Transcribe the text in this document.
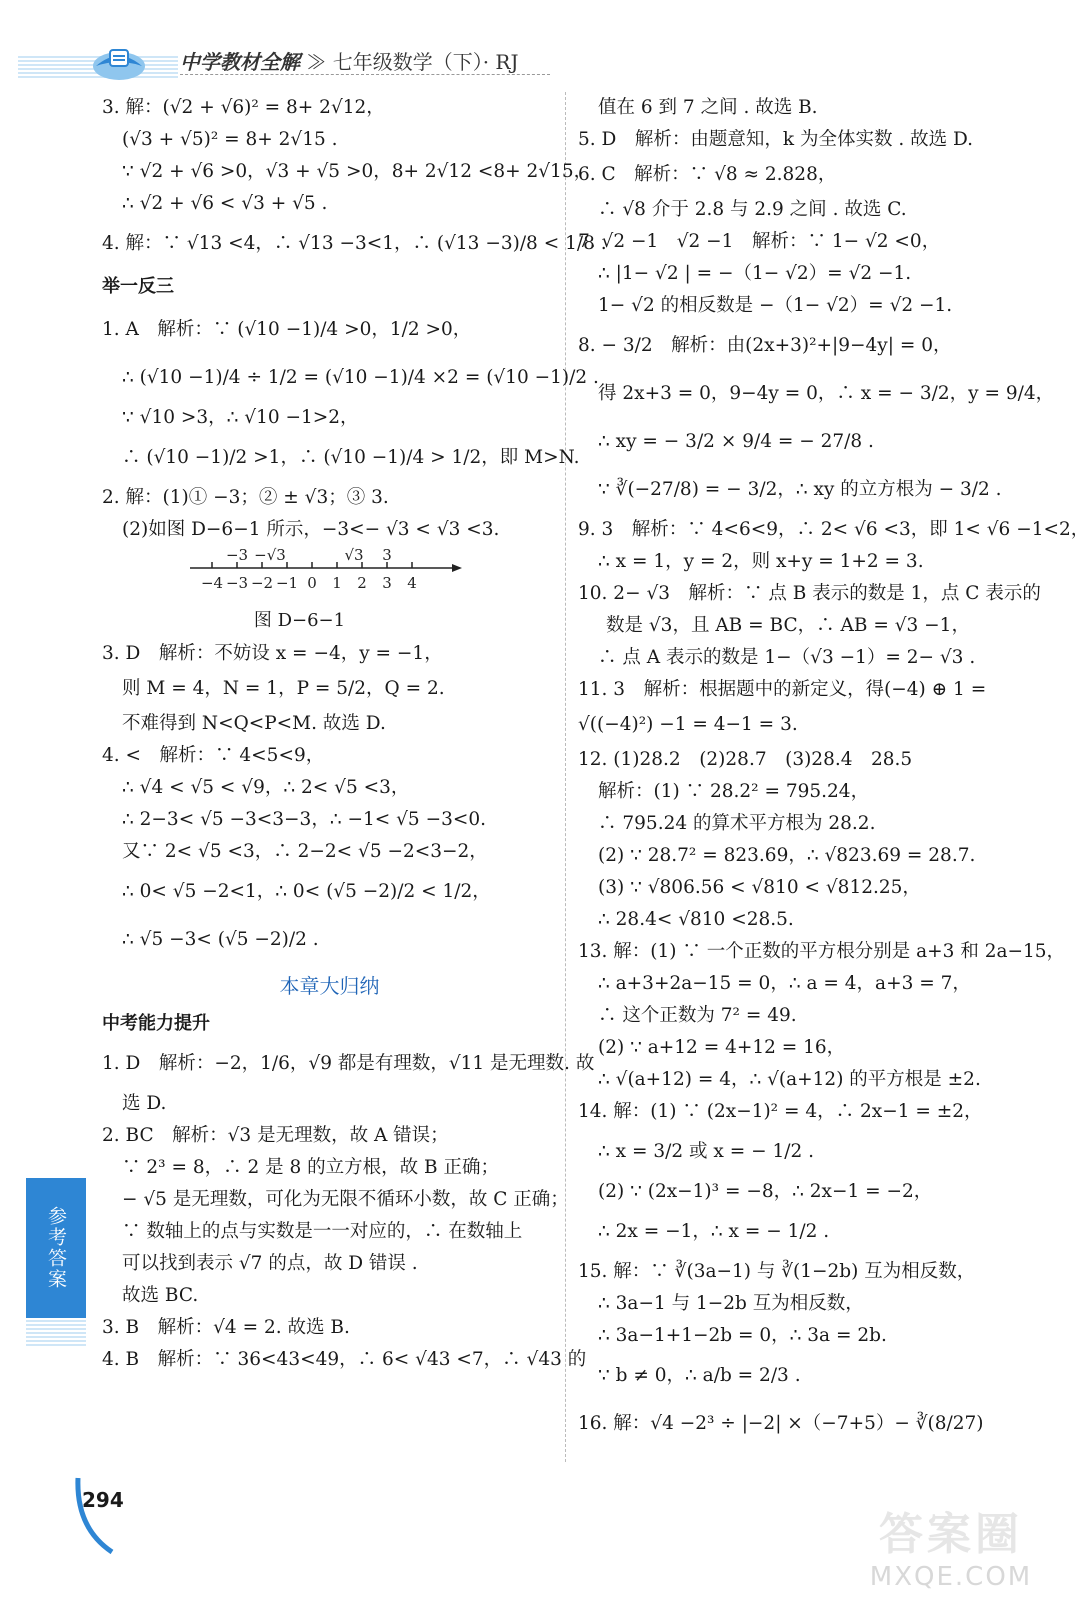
中学教材全解 ≫ 七年级数学（下）· RJ
3. 解：(√2 + √6)² = 8+ 2√12，
(√3 + √5)² = 8+ 2√15 .
∵ √2 + √6 >0，√3 + √5 >0，8+ 2√12 <8+ 2√15，
∴ √2 + √6 < √3 + √5 .
4. 解：∵ √13 <4，∴ √13 −3<1，∴ (√13 −3)/8 < 1/8 .
举一反三
1. A　解析：∵ (√10 −1)/4 >0，1/2 >0，
∴ (√10 −1)/4 ÷ 1/2 = (√10 −1)/4 ×2 = (√10 −1)/2 .
∵ √10 >3，∴ √10 −1>2，
∴ (√10 −1)/2 >1，∴ (√10 −1)/4 > 1/2，即 M>N.
2. 解：(1)① −3；② ± √3；③ 3.
(2)如图 D−6−1 所示，−3<− √3 < √3 <3.
−3 −√3	√3 3
−4 −3 −2 −1 0 1 2 3 4
图 D−6−1
3. D　解析：不妨设 x = −4，y = −1，
则 M = 4，N = 1，P = 5/2，Q = 2.
不难得到 N<Q<P<M. 故选 D.
4. <　解析：∵ 4<5<9，
∴ √4 < √5 < √9，∴ 2< √5 <3，
∴ 2−3< √5 −3<3−3，∴ −1< √5 −3<0.
又∵ 2< √5 <3，∴ 2−2< √5 −2<3−2，
∴ 0< √5 −2<1，∴ 0< (√5 −2)/2 < 1/2，
∴ √5 −3< (√5 −2)/2 .
本章大归纳
中考能力提升
1. D　解析：−2，1/6，√9 都是有理数，√11 是无理数. 故
选 D.
2. BC　解析：√3 是无理数，故 A 错误；
∵ 2³ = 8，∴ 2 是 8 的立方根，故 B 正确；
− √5 是无理数，可化为无限不循环小数，故 C 正确；
∵ 数轴上的点与实数是一一对应的，∴ 在数轴上
可以找到表示 √7 的点，故 D 错误 .
故选 BC.
3. B　解析：√4 = 2. 故选 B.
4. B　解析：∵ 36<43<49，∴ 6< √43 <7，∴ √43 的
值在 6 到 7 之间 . 故选 B.
5. D　解析：由题意知，k 为全体实数 . 故选 D.
6. C　解析：∵ √8 ≈ 2.828，
∴ √8 介于 2.8 与 2.9 之间 . 故选 C.
7. √2 −1　√2 −1　解析：∵ 1− √2 <0，
∴ |1− √2 | = −（1− √2）= √2 −1.
1− √2 的相反数是 −（1− √2）= √2 −1.
8. − 3/2　解析：由(2x+3)²+|9−4y| = 0，
得 2x+3 = 0，9−4y = 0，∴ x = − 3/2，y = 9/4，
∴ xy = − 3/2 × 9/4 = − 27/8 .
∵ ∛(−27/8) = − 3/2，∴ xy 的立方根为 − 3/2 .
9. 3　解析：∵ 4<6<9，∴ 2< √6 <3，即 1< √6 −1<2，
∴ x = 1，y = 2，则 x+y = 1+2 = 3.
10. 2− √3　解析：∵ 点 B 表示的数是 1，点 C 表示的
数是 √3，且 AB = BC，∴ AB = √3 −1，
∴ 点 A 表示的数是 1−（√3 −1）= 2− √3 .
11. 3　解析：根据题中的新定义，得(−4) ⊕ 1 =
√((−4)²) −1 = 4−1 = 3.
12. (1)28.2　(2)28.7　(3)28.4　28.5
解析：(1) ∵ 28.2² = 795.24，
∴ 795.24 的算术平方根为 28.2.
(2) ∵ 28.7² = 823.69，∴ √823.69 = 28.7.
(3) ∵ √806.56 < √810 < √812.25，
∴ 28.4< √810 <28.5.
13. 解：(1) ∵ 一个正数的平方根分别是 a+3 和 2a−15，
∴ a+3+2a−15 = 0，∴ a = 4，a+3 = 7，
∴ 这个正数为 7² = 49.
(2) ∵ a+12 = 4+12 = 16，
∴ √(a+12) = 4，∴ √(a+12) 的平方根是 ±2.
14. 解：(1) ∵ (2x−1)² = 4，∴ 2x−1 = ±2，
∴ x = 3/2 或 x = − 1/2 .
(2) ∵ (2x−1)³ = −8，∴ 2x−1 = −2，
∴ 2x = −1，∴ x = − 1/2 .
15. 解：∵ ∛(3a−1) 与 ∛(1−2b) 互为相反数，
∴ 3a−1 与 1−2b 互为相反数，
∴ 3a−1+1−2b = 0，∴ 3a = 2b.
∵ b ≠ 0，∴ a/b = 2/3 .
16. 解：√4 −2³ ÷ |−2| ×（−7+5）− ∛(8/27)
参考答案
294
答案圈
MXQE.COM
